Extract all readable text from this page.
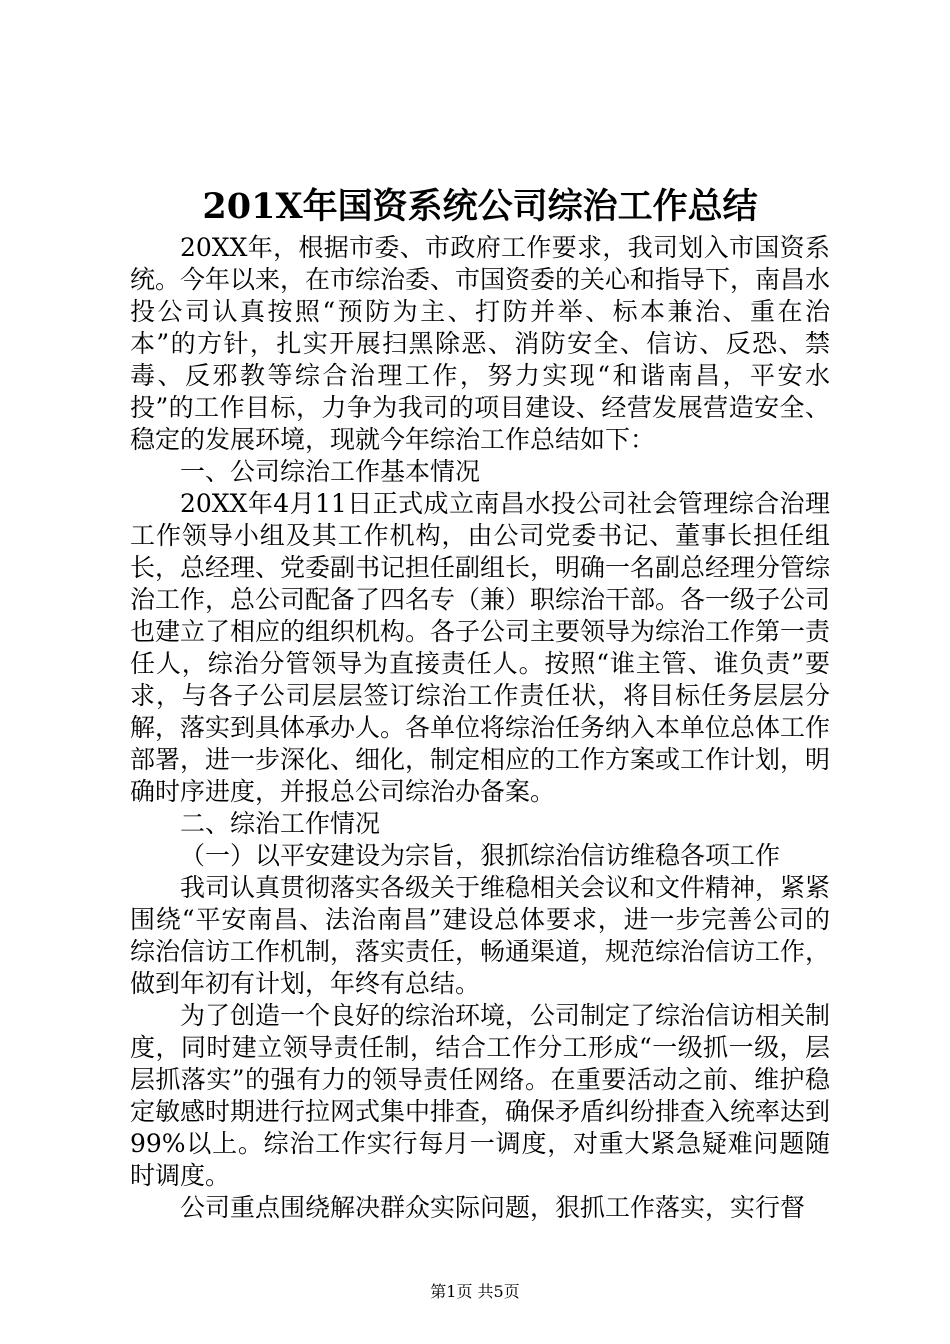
201X年国资系统公司综治工作总结

20XX年，根据市委、市政府工作要求，我司划入市国资系统。今年以来，在市综治委、市国资委的关心和指导下，南昌水投公司认真按照“预防为主、打防并举、标本兼治、重在治本”的方针，扎实开展扫黑除恶、消防安全、信访、反恐、禁毒、反邪教等综合治理工作，努力实现“和谐南昌，平安水投”的工作目标，力争为我司的项目建设、经营发展营造安全、稳定的发展环境，现就今年综治工作总结如下：

一、公司综治工作基本情况

20XX年4月11日正式成立南昌水投公司社会管理综合治理工作领导小组及其工作机构，由公司党委书记、董事长担任组长，总经理、党委副书记担任副组长，明确一名副总经理分管综治工作，总公司配备了四名专（兼）职综治干部。各一级子公司也建立了相应的组织机构。各子公司主要领导为综治工作第一责任人，综治分管领导为直接责任人。按照“谁主管、谁负责”要求，与各子公司层层签订综治工作责任状，将目标任务层层分解，落实到具体承办人。各单位将综治任务纳入本单位总体工作部署，进一步深化、细化，制定相应的工作方案或工作计划，明确时序进度，并报总公司综治办备案。

二、综治工作情况

（一）以平安建设为宗旨，狠抓综治信访维稳各项工作

我司认真贯彻落实各级关于维稳相关会议和文件精神，紧紧围绕“平安南昌、法治南昌”建设总体要求，进一步完善公司的综治信访工作机制，落实责任，畅通渠道，规范综治信访工作，做到年初有计划，年终有总结。

为了创造一个良好的综治环境，公司制定了综治信访相关制度，同时建立领导责任制，结合工作分工形成“一级抓一级，层层抓落实”的强有力的领导责任网络。在重要活动之前、维护稳定敏感时期进行拉网式集中排查，确保矛盾纠纷排查入统率达到99%以上。综治工作实行每月一调度，对重大紧急疑难问题随时调度。

公司重点围绕解决群众实际问题，狠抓工作落实，实行督

第1页 共5页
